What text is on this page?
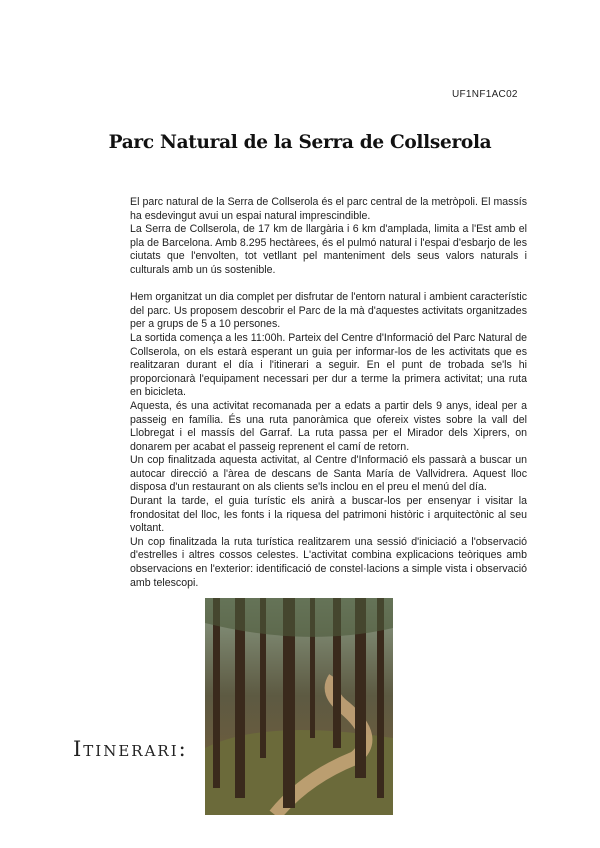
UF1NF1AC02
Parc Natural de la Serra de Collserola

El parc natural de la Serra de Collserola és el parc central de la metròpoli. El massís ha esdevingut avui un espai natural imprescindible.

La Serra de Collserola, de 17 km de llargària i 6 km d'amplada, limita a l'Est amb el pla de Barcelona. Amb 8.295 hectàrees, és el pulmó natural i l'espai d'esbarjo de les ciutats que l'envolten, tot vetllant pel manteniment dels seus valors naturals i culturals amb un ús sostenible.

Hem organitzat un dia complet per disfrutar de l'entorn natural i ambient característic del parc. Us proposem descobrir el Parc de la mà d'aquestes activitats organitzades per a grups de 5 a 10 persones.

La sortida comença a les 11:00h. Parteix del Centre d'Informació del Parc Natural de Collserola, on els estarà esperant un guia per informar-los de les activitats que es realitzaran durant el día i l'itinerari a seguir. En el punt de trobada se'ls hi proporcionarà l'equipament necessari per dur a terme la primera activitat; una ruta en bicicleta.

Aquesta, és una activitat recomanada per a edats a partir dels 9 anys, ideal per a passeig en família. És una ruta panoràmica que ofereix vistes sobre la vall del Llobregat i el massís del Garraf. La ruta passa per el Mirador dels Xiprers, on donarem per acabat el passeig reprenent el camí de retorn.

Un cop finalitzada aquesta activitat, al Centre d'Informació els passarà a buscar un autocar direcció a l'àrea de descans de Santa María de Vallvidrera. Aquest lloc disposa d'un restaurant on als clients se'ls inclou en el preu el menú del día.

Durant la tarde, el guia turístic els anirà a buscar-los per ensenyar i visitar la frondositat del lloc, les fonts i la riquesa del patrimoni històric i arquitectònic al seu voltant.

Un cop finalitzada la ruta turística realitzarem una sessió d'iniciació a l'observació d'estrelles i altres cossos celestes. L'activitat combina explicacions teòriques amb observacions en l'exterior: identificació de constel·lacions a simple vista i observació amb telescopi.

Itinerari:
